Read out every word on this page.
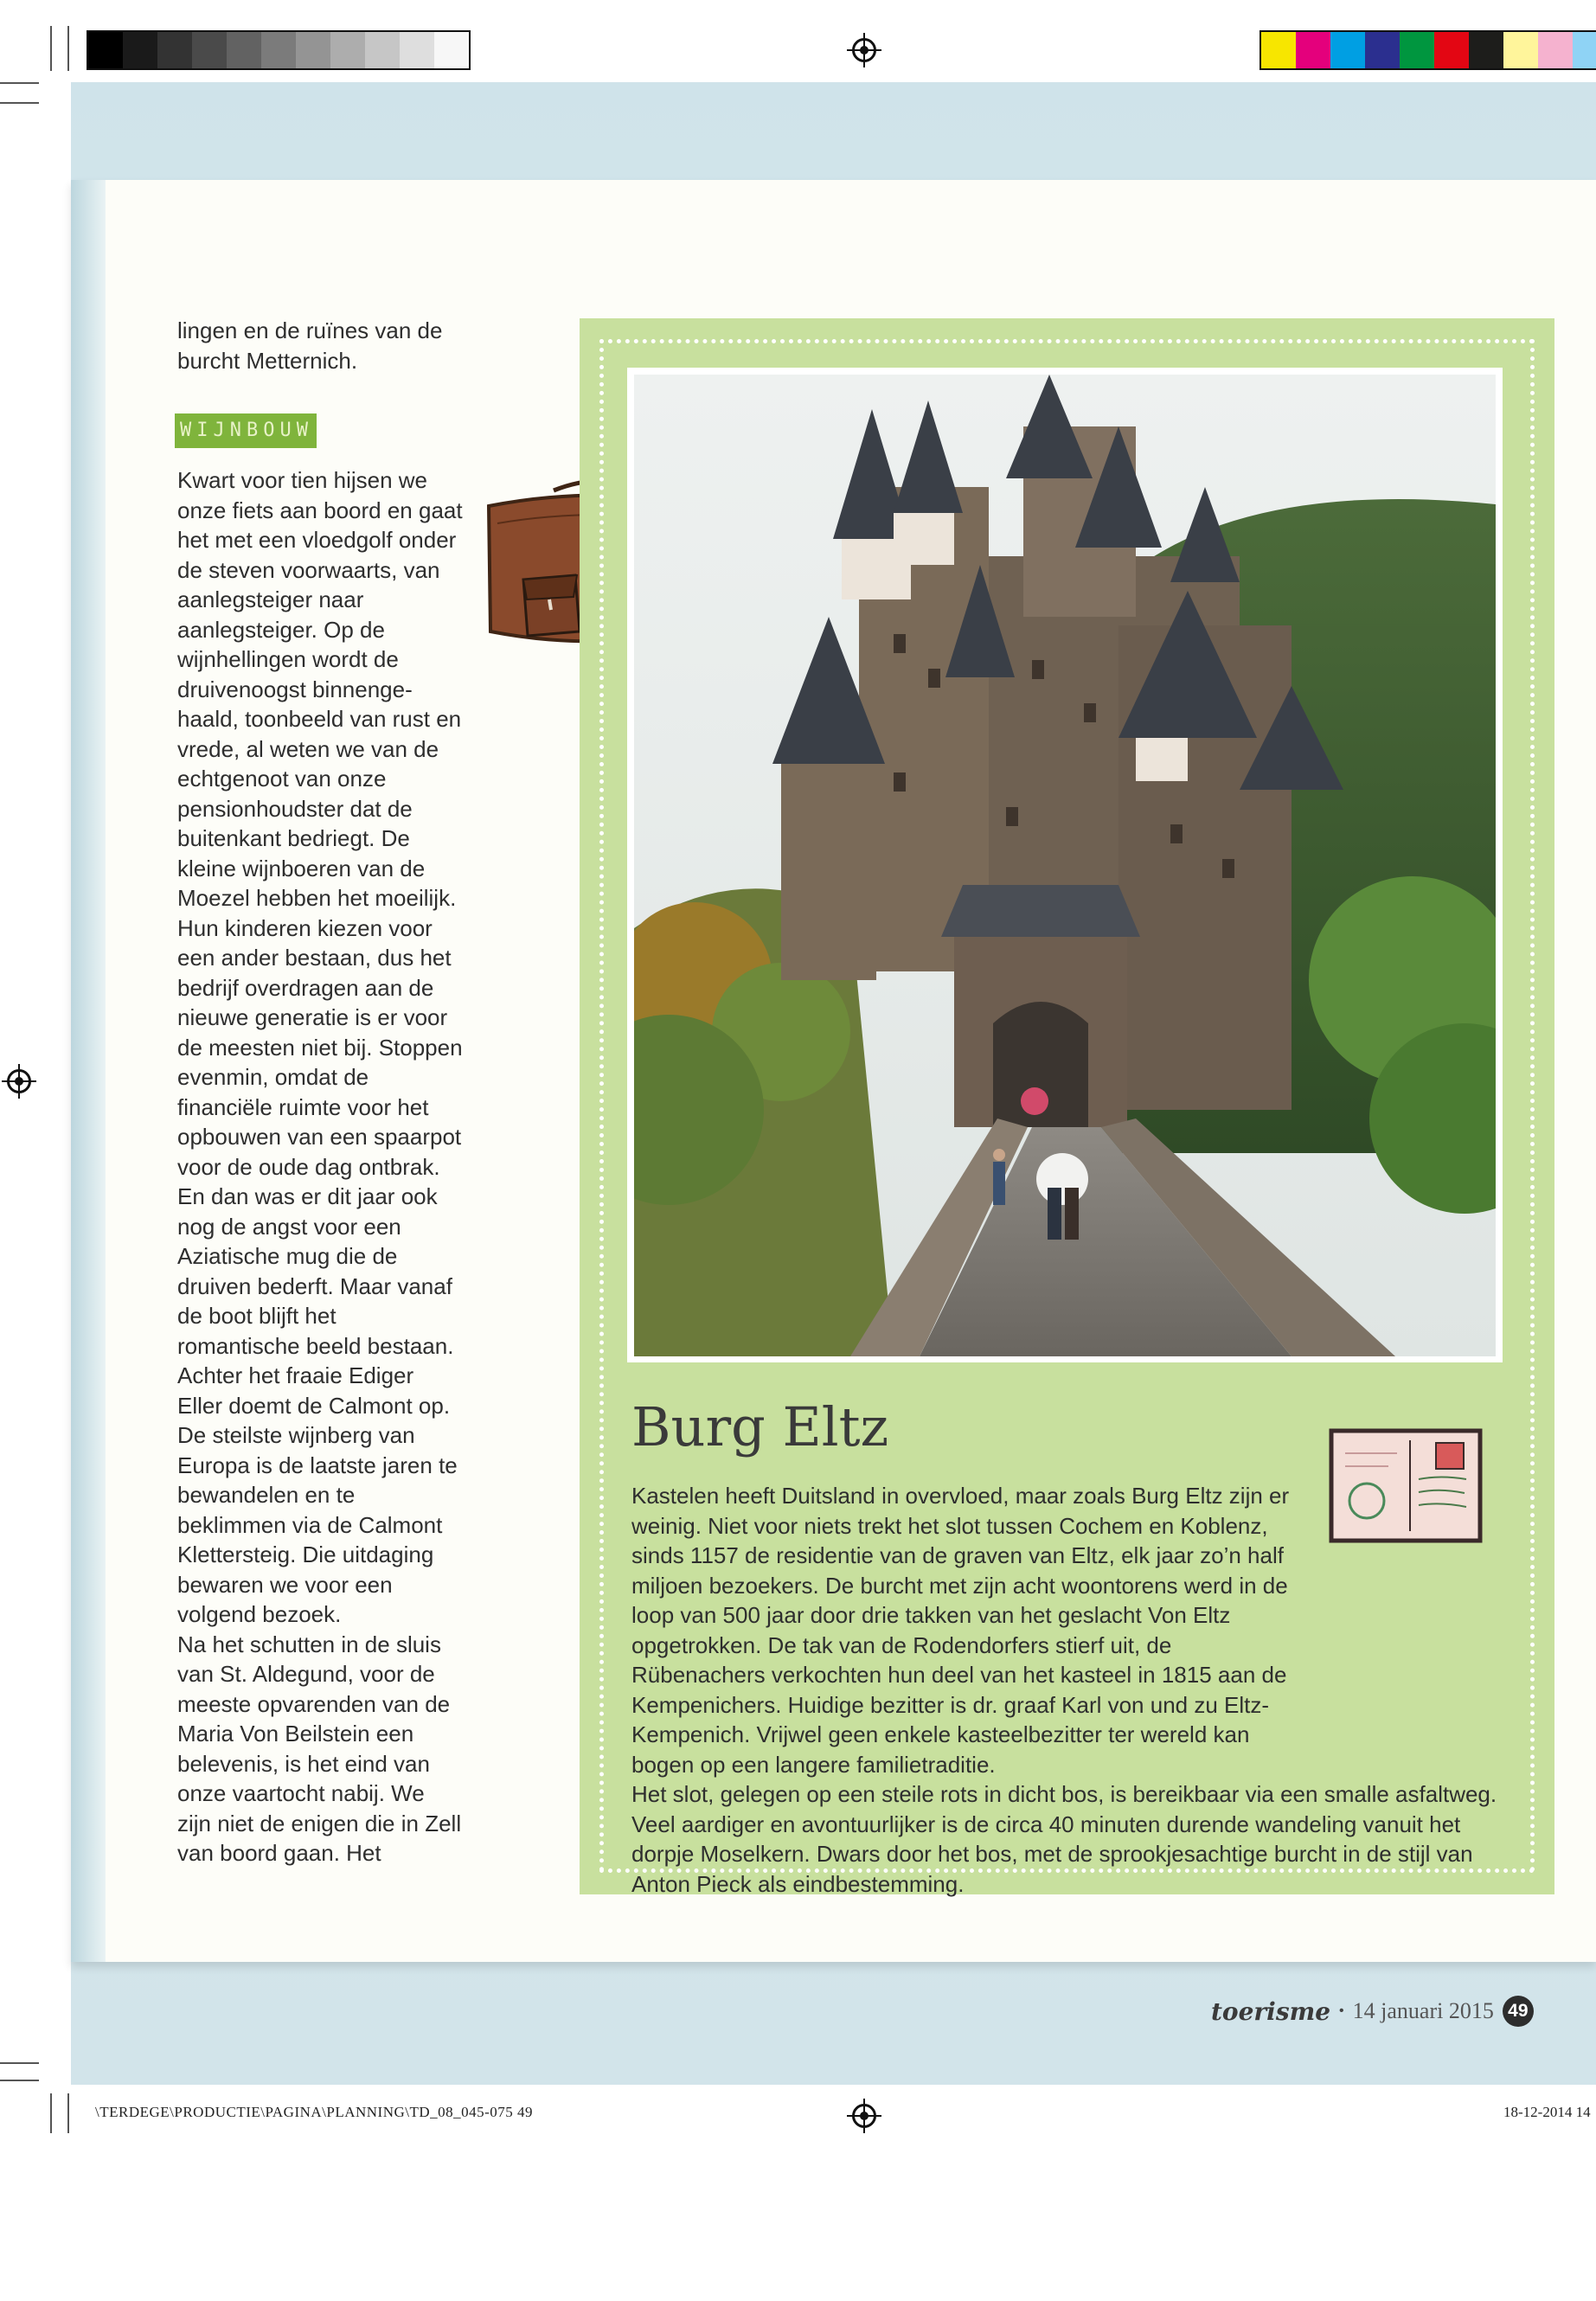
lingen en de ruïnes van de burcht Metternich.

WIJNBOUW

Kwart voor tien hijsen we onze fiets aan boord en gaat het met een vloedgolf onder de steven voorwaarts, van aanlegsteiger naar aanlegsteiger. Op de wijnhellingen wordt de druivenoogst binnengehaald, toonbeeld van rust en vrede, al weten we van de echtgenoot van onze pensionhoudster dat de buitenkant bedriegt. De kleine wijnboeren van de Moezel hebben het moeilijk. Hun kinderen kiezen voor een ander bestaan, dus het bedrijf overdragen aan de nieuwe generatie is er voor de meesten niet bij. Stoppen evenmin, omdat de financiële ruimte voor het opbouwen van een spaarpot voor de oude dag ontbrak. En dan was er dit jaar ook nog de angst voor een Aziatische mug die de druiven bederft. Maar vanaf de boot blijft het romantische beeld bestaan.

Achter het fraaie Ediger Eller doemt de Calmont op. De steilste wijnberg van Europa is de laatste jaren te bewandelen en te beklimmen via de Calmont Klettersteig. Die uitdaging bewaren we voor een volgend bezoek.

Na het schutten in de sluis van St. Aldegund, voor de meeste opvarenden van de Maria Von Beilstein een belevenis, is het eind van onze vaartocht nabij. We zijn niet de enigen die in Zell van boord gaan. Het

Burg Eltz

Kastelen heeft Duitsland in overvloed, maar zoals Burg Eltz zijn er weinig. Niet voor niets trekt het slot tussen Cochem en Koblenz, sinds 1157 de residentie van de graven van Eltz, elk jaar zo’n half miljoen bezoekers. De burcht met zijn acht woontorens werd in de loop van 500 jaar door drie takken van het geslacht Von Eltz opgetrokken. De tak van de Rodendorfers stierf uit, de Rübenachers verkochten hun deel van het kasteel in 1815 aan de Kempenichers. Huidige bezitter is dr. graaf Karl von und zu Eltz-Kempenich. Vrijwel geen enkele kasteelbezitter ter wereld kan bogen op een langere familietraditie.

Het slot, gelegen op een steile rots in dicht bos, is bereikbaar via een smalle asfaltweg. Veel aardiger en avontuurlijker is de circa 40 minuten durende wandeling vanuit het dorpje Moselkern. Dwars door het bos, met de sprookjesachtige burcht in de stijl van Anton Pieck als eindbestemming.

toerisme • 14 januari 2015 49
\TERDEGE\PRODUCTIE\PAGINA\PLANNING\TD_08_045-075 49	18-12-2014 14
